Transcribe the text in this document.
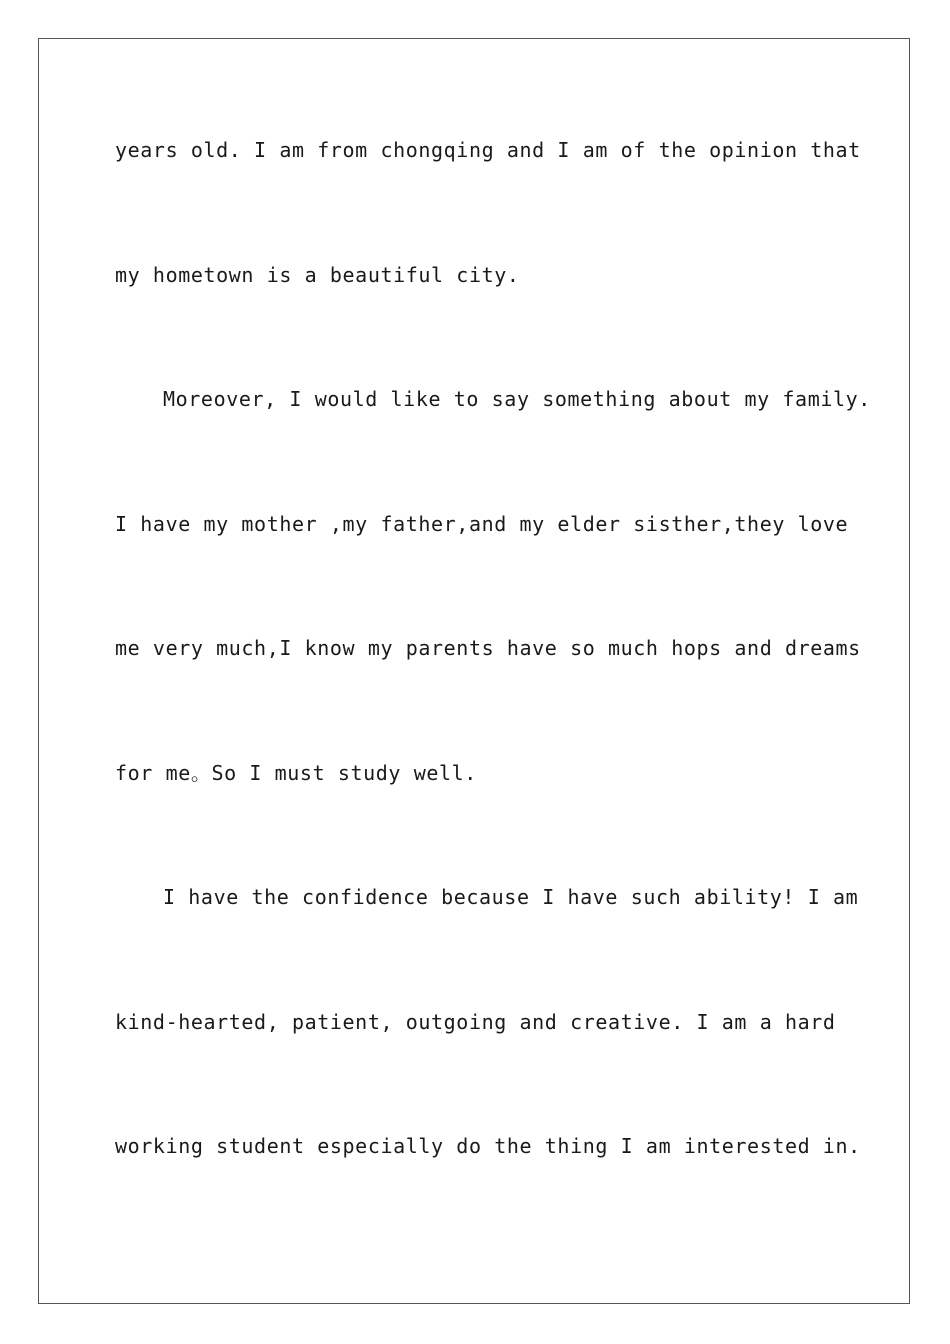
years old. I am from chongqing and I am of the opinion that
my hometown is a beautiful city.
Moreover, I would like to say something about my family.
I have my mother ,my father,and my elder sisther,they love
me very much,I know my parents have so much hops and dreams
for me。So I must study well.
I have the confidence because I have such ability! I am
kind-hearted, patient, outgoing and creative. I am a hard
working student especially do the thing I am interested in.
